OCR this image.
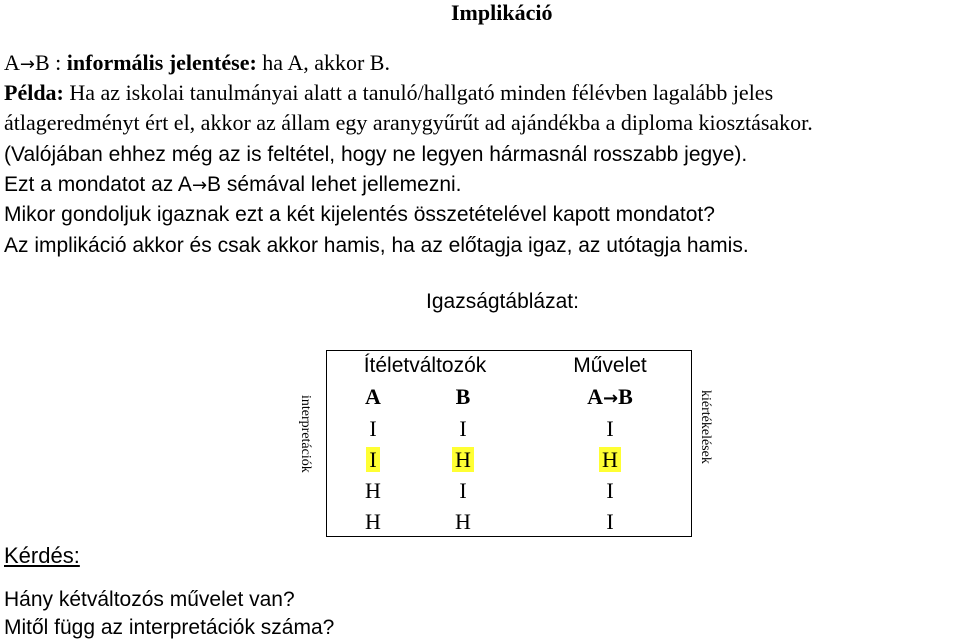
Implikáció
A→B : informális jelentése: ha A, akkor B.
Példa: Ha az iskolai tanulmányai alatt a tanuló/hallgató minden félévben lagalább jeles
átlageredményt ért el, akkor az állam egy aranygyűrűt ad ajándékba a diploma kiosztásakor.
(Valójában ehhez még az is feltétel, hogy ne legyen hármasnál rosszabb jegye).
Ezt a mondatot az A→B sémával lehet jellemezni.
Mikor gondoljuk igaznak ezt a két kijelentés összetételével kapott mondatot?
Az implikáció akkor és csak akkor hamis, ha az előtagja igaz, az utótagja hamis.
Igazságtáblázat:
interpretációk	kiértékelések
Ítéletváltozók	Művelet
A	B	A→B
I	I	I
I	H	H
H	I	I
H	H	I
Kérdés:
Hány kétváltozós művelet van?
Mitől függ az interpretációk száma?
